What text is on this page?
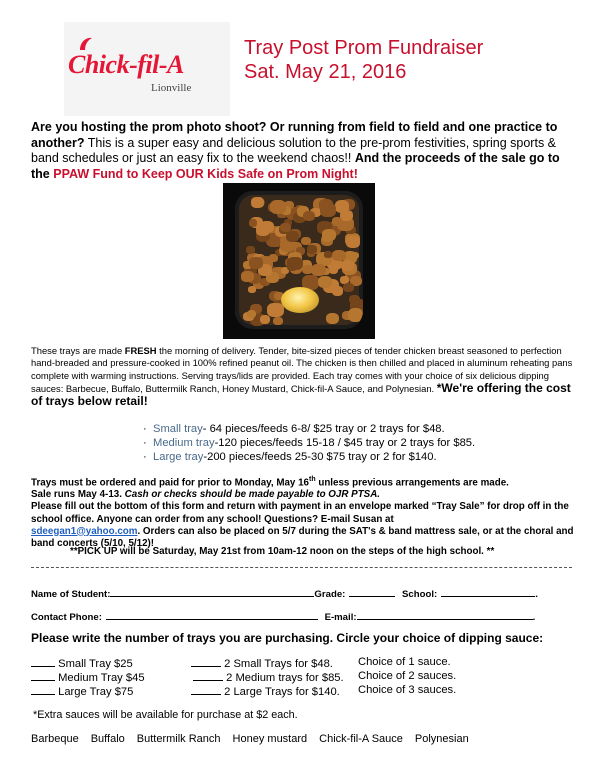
Chick-fil-A
Lionville
Tray Post Prom Fundraiser
Sat. May 21, 2016
Are you hosting the prom photo shoot? Or running from field to field and one practice to another? This is a super easy and delicious solution to the pre-prom festivities, spring sports & band schedules or just an easy fix to the weekend chaos!! And the proceeds of the sale go to the PPAW Fund to Keep OUR Kids Safe on Prom Night!
These trays are made FRESH the morning of delivery. Tender, bite-sized pieces of tender chicken breast seasoned to perfection hand-breaded and pressure-cooked in 100% refined peanut oil. The chicken is then chilled and placed in aluminum reheating pans complete with warming instructions. Serving trays/lids are provided. Each tray comes with your choice of six delicious dipping sauces: Barbecue, Buffalo, Buttermilk Ranch, Honey Mustard, Chick-fil-A Sauce, and Polynesian. *We're offering the cost of trays below retail!
· Small tray- 64 pieces/feeds 6-8/ $25 tray or 2 trays for $48.
· Medium tray-120 pieces/feeds 15-18 / $45 tray or 2 trays for $85.
· Large tray-200 pieces/feeds 25-30 $75 tray or 2 for $140.
Trays must be ordered and paid for prior to Monday, May 16th unless previous arrangements are made.
Sale runs May 4-13. Cash or checks should be made payable to OJR PTSA.
Please fill out the bottom of this form and return with payment in an envelope marked “Tray Sale” for drop off in the school office. Anyone can order from any school! Questions? E-mail Susan at
sdeegan1@yahoo.com. Orders can also be placed on 5/7 during the SAT's & band mattress sale, or at the choral and band concerts (5/10, 5/12)!
**PICK UP will be Saturday, May 21st from 10am-12 noon on the steps of the high school. **
Name of Student:	Grade:	School:	.
Contact Phone:	E-mail:	.
Please write the number of trays you are purchasing. Circle your choice of dipping sauce:
Small Tray $25	2 Small Trays for $48. Choice of 1 sauce.
Medium Tray $45	2 Medium trays for $85. Choice of 2 sauces.
Large Tray $75	2 Large Trays for $140. Choice of 3 sauces.
*Extra sauces will be available for purchase at $2 each.
Barbeque Buffalo Buttermilk Ranch Honey mustard Chick-fil-A Sauce Polynesian
